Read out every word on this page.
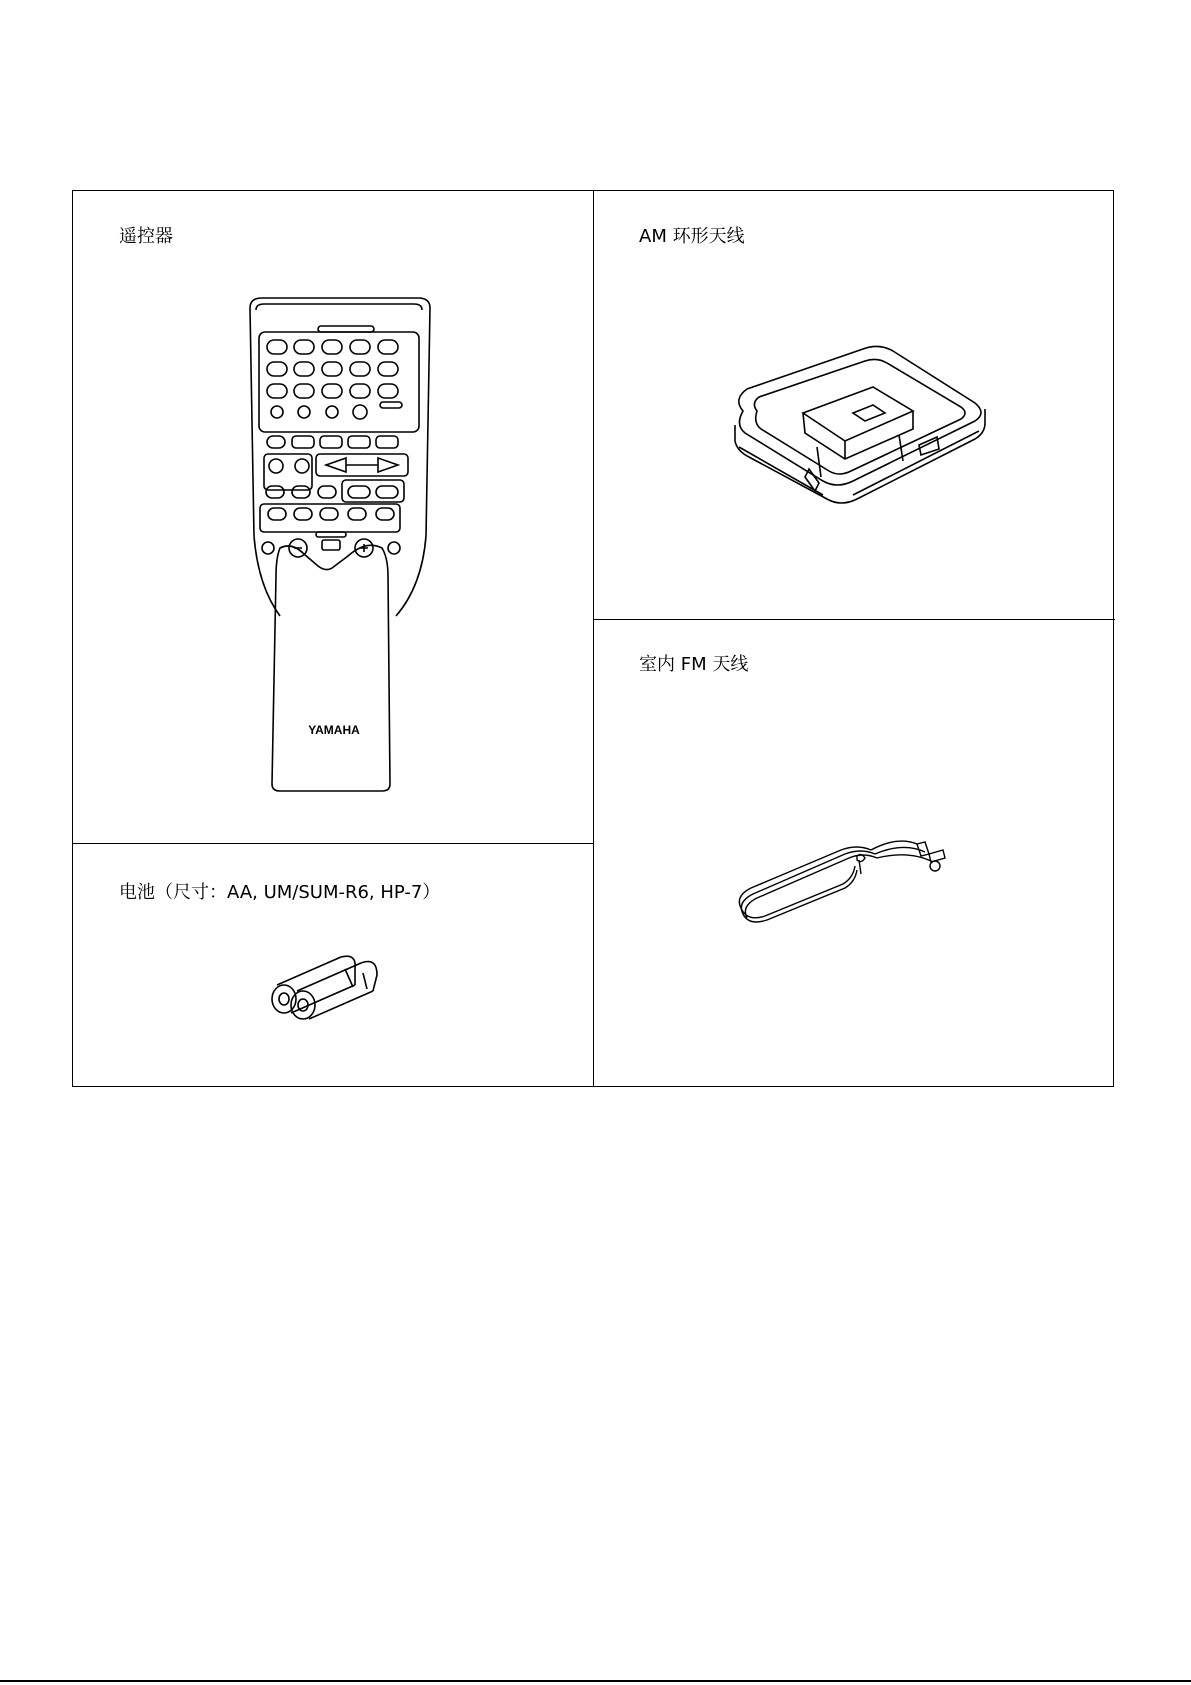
遥控器
YAMAHA
电池（尺寸：AA, UM/SUM-R6, HP-7）
AM 环形天线
室内 FM 天线
